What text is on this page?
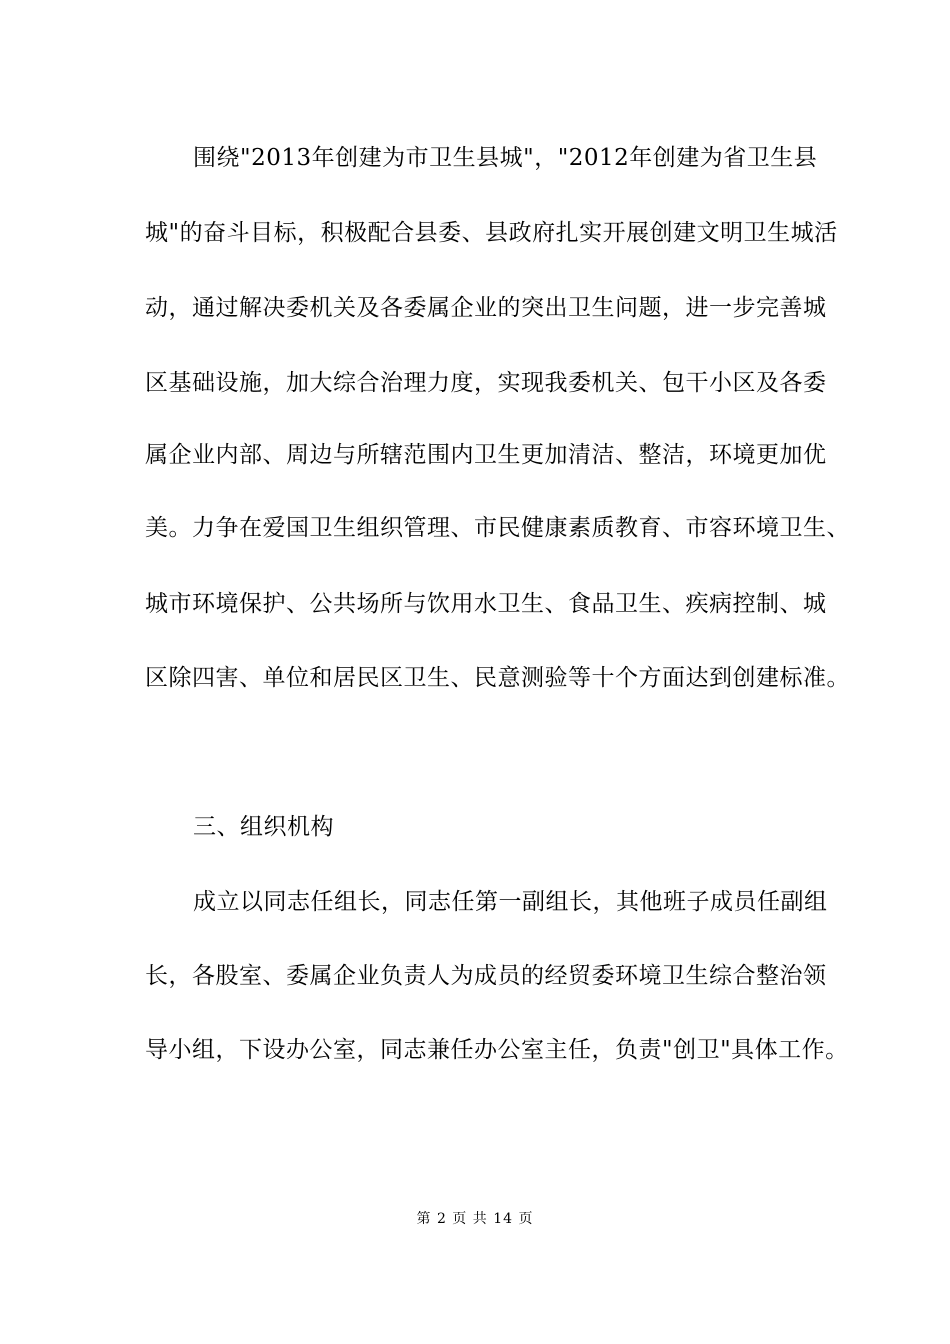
围绕"2013年创建为市卫生县城"，"2012年创建为省卫生县
城"的奋斗目标，积极配合县委、县政府扎实开展创建文明卫生城活
动，通过解决委机关及各委属企业的突出卫生问题，进一步完善城
区基础设施，加大综合治理力度，实现我委机关、包干小区及各委
属企业内部、周边与所辖范围内卫生更加清洁、整洁，环境更加优
美。力争在爱国卫生组织管理、市民健康素质教育、市容环境卫生、
城市环境保护、公共场所与饮用水卫生、食品卫生、疾病控制、城
区除四害、单位和居民区卫生、民意测验等十个方面达到创建标准。
三、组织机构
成立以同志任组长，同志任第一副组长，其他班子成员任副组
长，各股室、委属企业负责人为成员的经贸委环境卫生综合整治领
导小组，下设办公室，同志兼任办公室主任，负责"创卫"具体工作。
第 2 页 共 14 页
